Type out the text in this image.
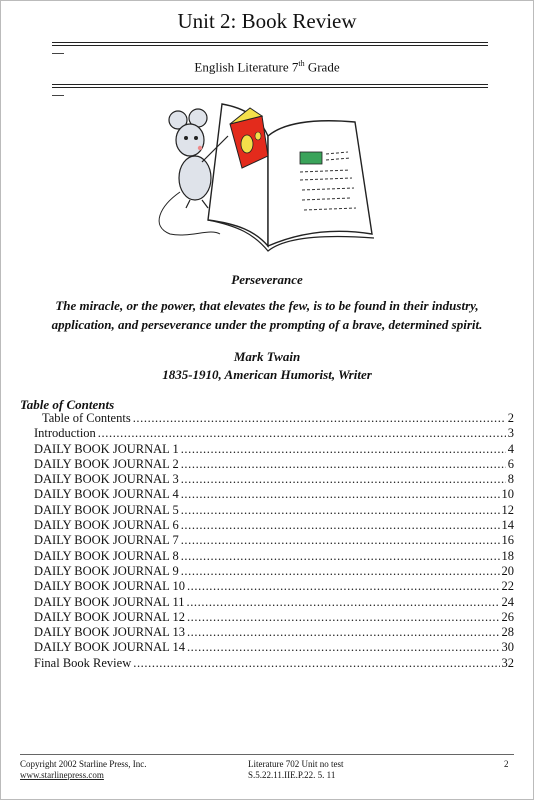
Unit 2: Book Review
English Literature 7th Grade
Perseverance
The miracle, or the power, that elevates the few, is to be found in their industry,
application, and perseverance under the prompting of a brave, determined spirit.
Mark Twain
1835-1910, American Humorist, Writer
Table of Contents
Table of Contents .....	2
Introduction .....	3
DAILY BOOK JOURNAL 1 .....	4
DAILY BOOK JOURNAL 2 .....	6
DAILY BOOK JOURNAL 3 .....	8
DAILY BOOK JOURNAL 4 .....	10
DAILY BOOK JOURNAL 5 .....	12
DAILY BOOK JOURNAL 6 .....	14
DAILY BOOK JOURNAL 7 .....	16
DAILY BOOK JOURNAL 8 .....	18
DAILY BOOK JOURNAL 9 .....	20
DAILY BOOK JOURNAL 10 .....	22
DAILY BOOK JOURNAL 11 .....	24
DAILY BOOK JOURNAL 12 .....	26
DAILY BOOK JOURNAL 13 .....	28
DAILY BOOK JOURNAL 14 .....	30
Final Book Review .....	32
Copyright 2002 Starline Press, Inc.
www.starlinepress.com
Literature 702 Unit no test
S.5.22.11.IIE.P.22. 5. 11
2
